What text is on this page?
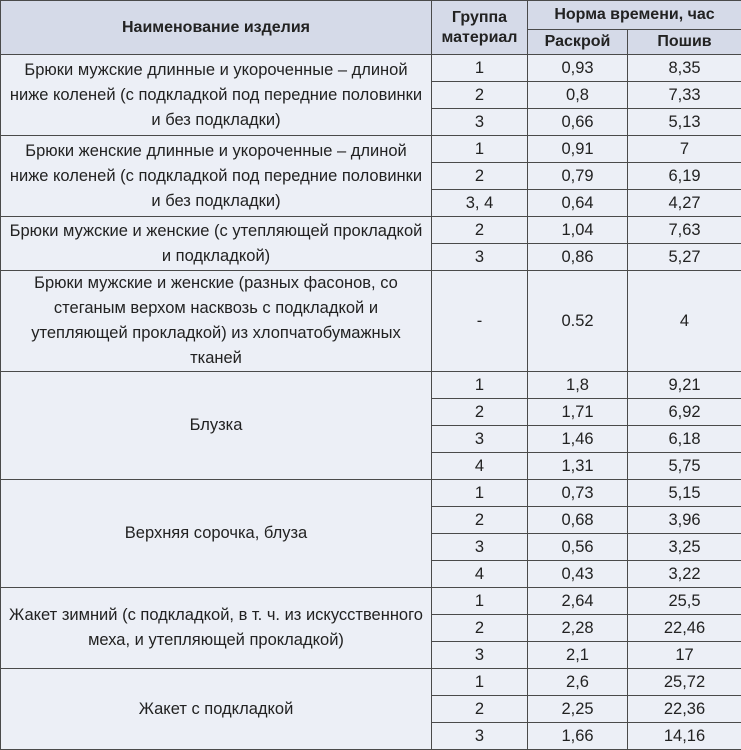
Наименование изделия	Группа материал	Норма времени, час	
		Раскрой	Пошив
Брюки мужские длинные и укороченные – длиной ниже коленей (с подкладкой под передние половинки и без подкладки)	1	0,93	8,35
	2	0,8	7,33
	3	0,66	5,13
Брюки женские длинные и укороченные – длиной ниже коленей (с подкладкой под передние половинки и без подкладки)	1	0,91	7
	2	0,79	6,19
	3, 4	0,64	4,27
Брюки мужские и женские (с утепляющей прокладкой и подкладкой)	2	1,04	7,63
	3	0,86	5,27
Брюки мужские и женские (разных фасонов, со стеганым верхом насквозь с подкладкой и утепляющей прокладкой) из хлопчатобумажных тканей	-	0.52	4
Блузка	1	1,8	9,21
	2	1,71	6,92
	3	1,46	6,18
	4	1,31	5,75
Верхняя сорочка, блуза	1	0,73	5,15
	2	0,68	3,96
	3	0,56	3,25
	4	0,43	3,22
Жакет зимний (с подкладкой, в т. ч. из искусственного меха, и утепляющей прокладкой)	1	2,64	25,5
	2	2,28	22,46
	3	2,1	17
Жакет с подкладкой	1	2,6	25,72
	2	2,25	22,36
	3	1,66	14,16
